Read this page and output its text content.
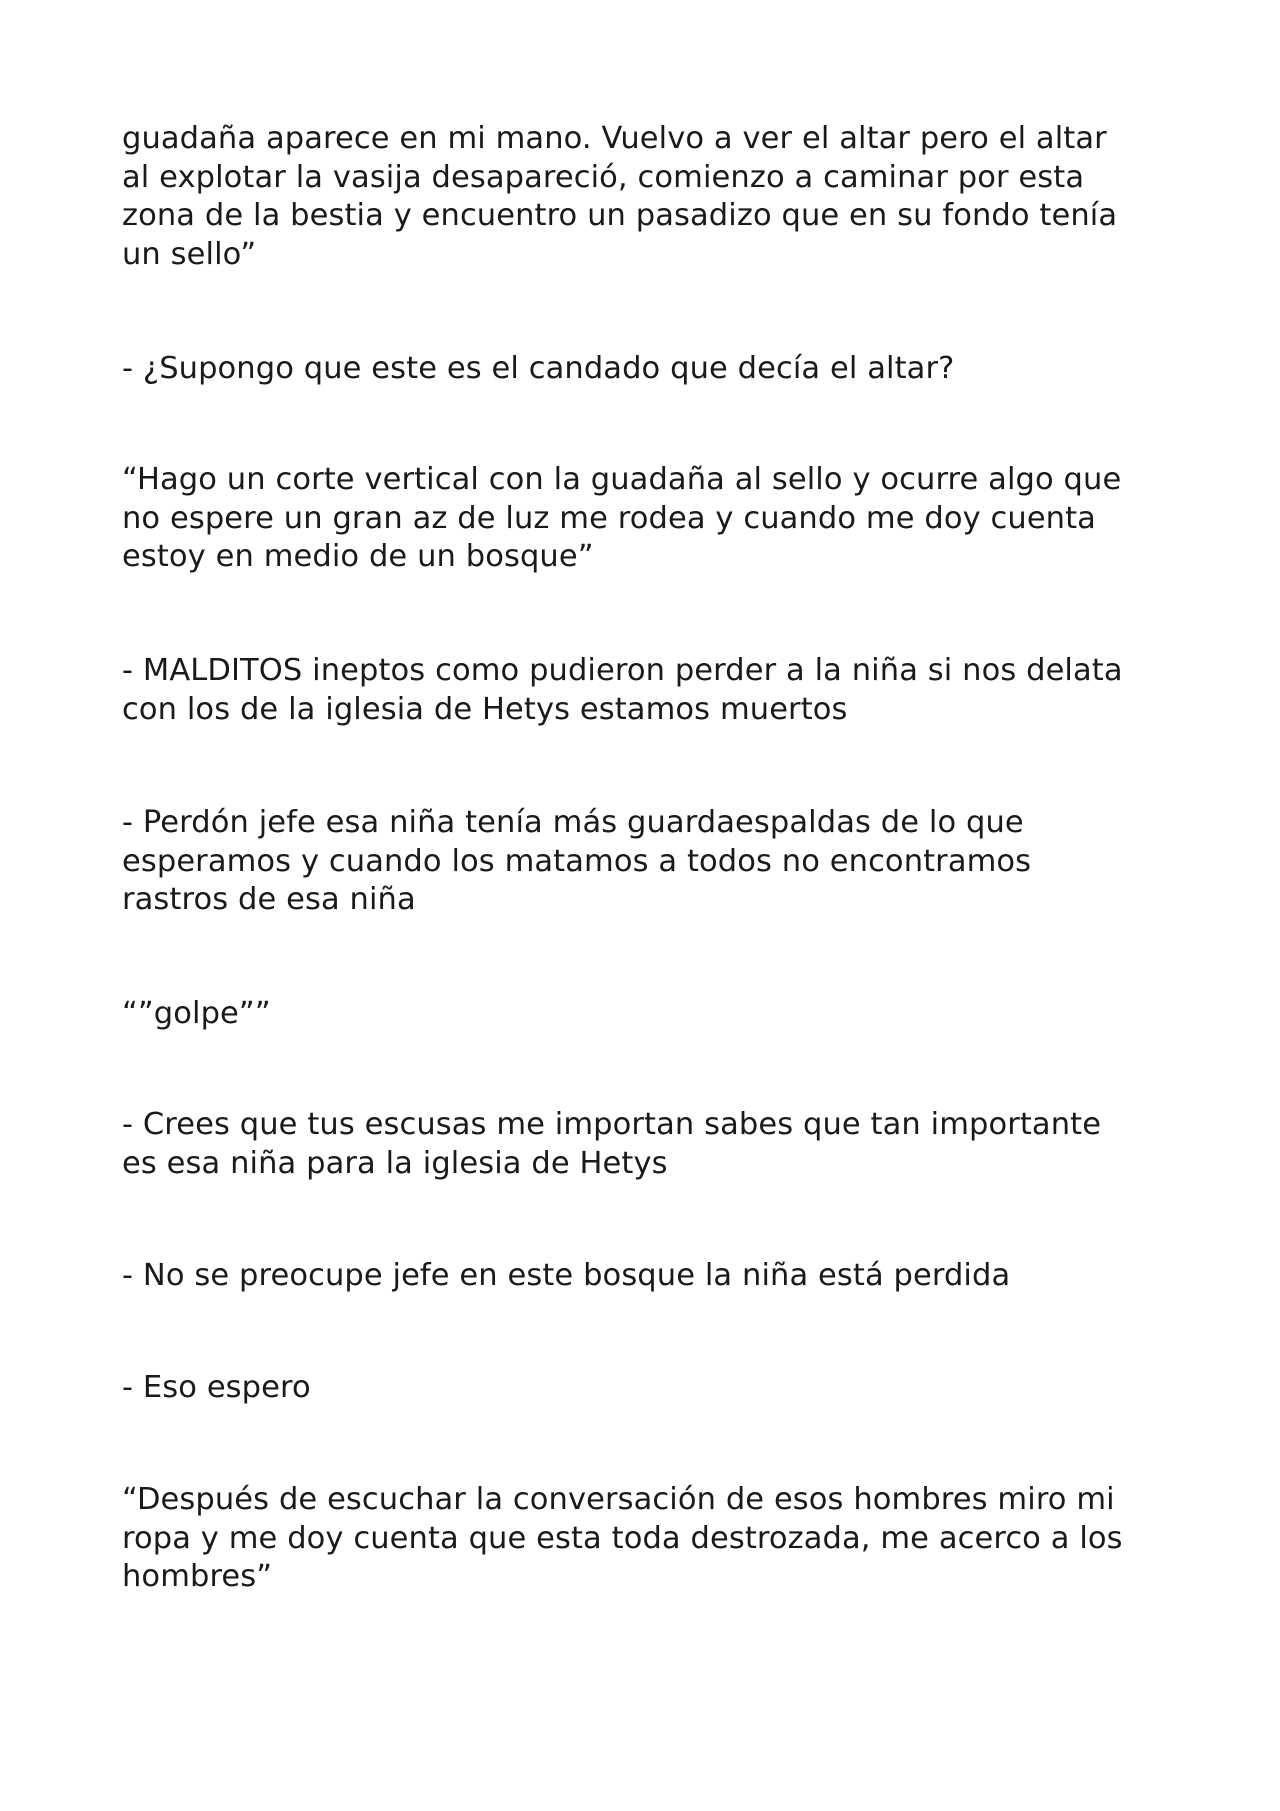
guadaña aparece en mi mano. Vuelvo a ver el altar pero el altar
al explotar la vasija desapareció, comienzo a caminar por esta
zona de la bestia y encuentro un pasadizo que en su fondo tenía
un sello”

- ¿Supongo que este es el candado que decía el altar?

“Hago un corte vertical con la guadaña al sello y ocurre algo que
no espere un gran az de luz me rodea y cuando me doy cuenta
estoy en medio de un bosque”

- MALDITOS ineptos como pudieron perder a la niña si nos delata
con los de la iglesia de Hetys estamos muertos

- Perdón jefe esa niña tenía más guardaespaldas de lo que
esperamos y cuando los matamos a todos no encontramos
rastros de esa niña

“”golpe””

- Crees que tus escusas me importan sabes que tan importante
es esa niña para la iglesia de Hetys

- No se preocupe jefe en este bosque la niña está perdida

- Eso espero

“Después de escuchar la conversación de esos hombres miro mi
ropa y me doy cuenta que esta toda destrozada, me acerco a los
hombres”
